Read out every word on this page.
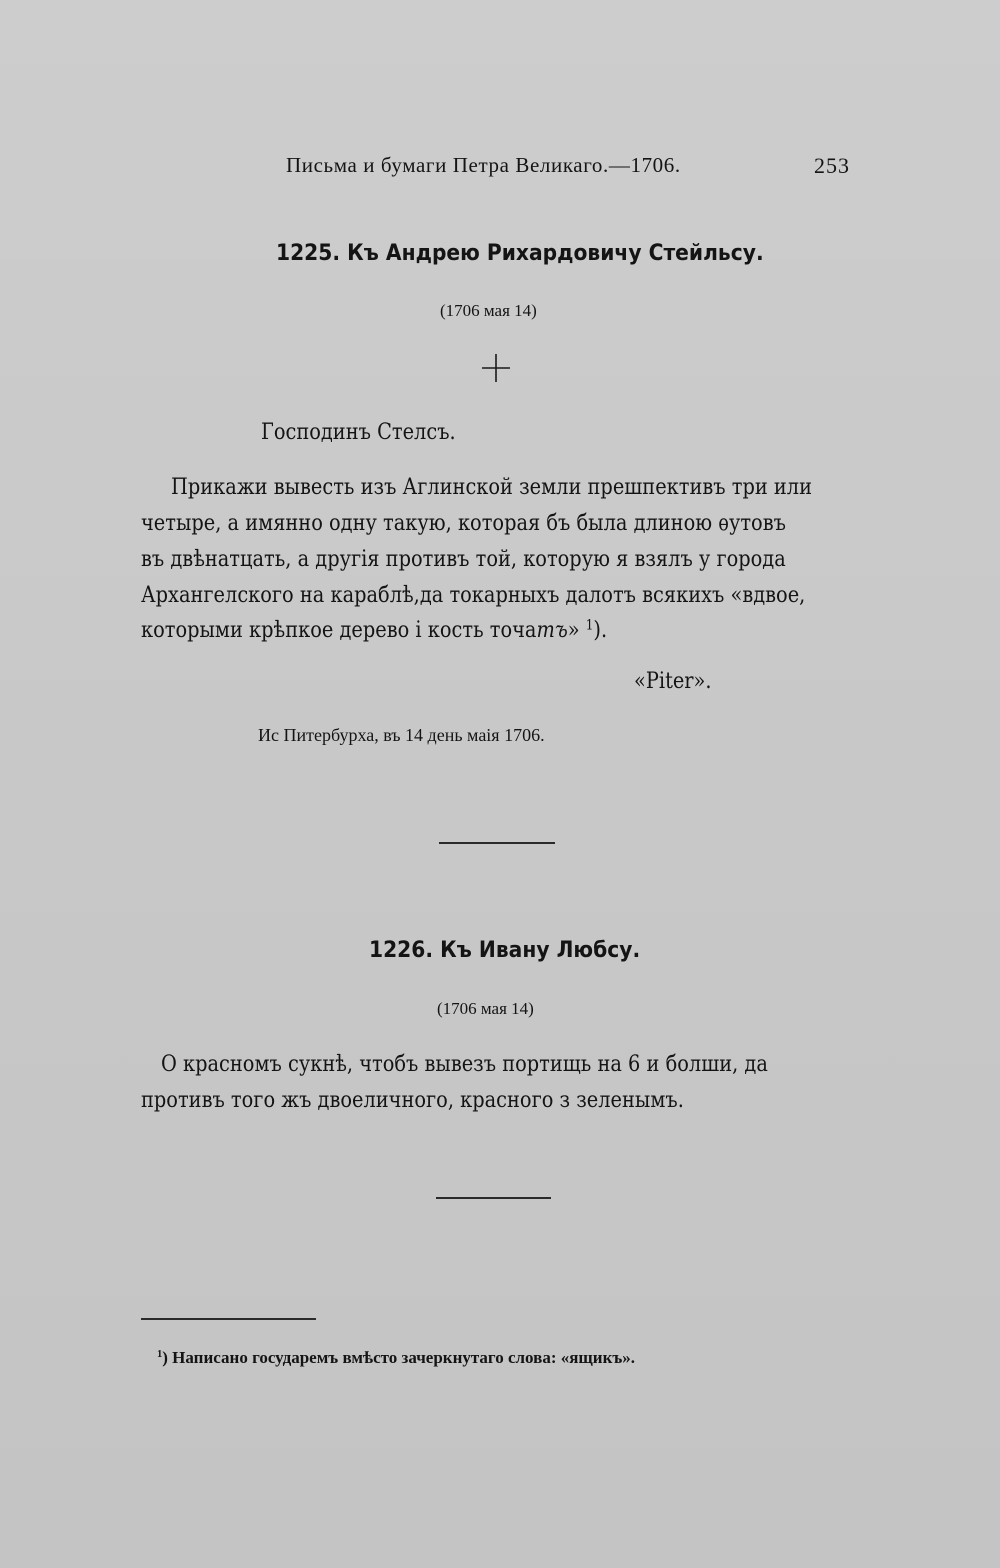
Письма и бумаги Петра Великаго.—1706.	253
1225. Къ Андрею Рихардовичу Стейльсу.
(1706 мая 14)
Господинъ Стелсъ.
Прикажи вывесть изъ Аглинской земли прешпективъ три или
четыре, а имянно одну такую, которая бъ была длиною ѳутовъ
въ двѣнатцать, а другія противъ той, которую я взялъ у города
Архангелского на караблѣ,да токарныхъ далотъ всякихъ «вдвое,
которыми крѣпкое дерево і кость точатъ» $^1$).
«Piter».
Ис Питербурха, въ 14 день маія 1706.
1226. Къ Ивану Любсу.
(1706 мая 14)
О красномъ сукнѣ, чтобъ вывезъ портищь на 6 и болши, да
противъ того жъ двоеличного, красного з зеленымъ.
$^1$) Написано государемъ вмѣсто зачеркнутаго слова: «ящикъ».
